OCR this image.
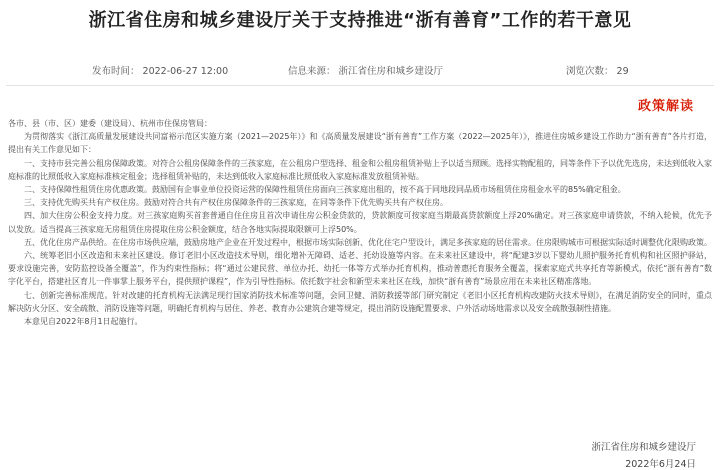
浙江省住房和城乡建设厅关于支持推进“浙有善育”工作的若干意见
发布时间： 2022-06-27 12:00	信息来源： 浙江省住房和城乡建设厅	浏览次数： 29
政策解读

各市、县（市、区）建委（建设局）、杭州市住保房管局：

为贯彻落实《浙江高质量发展建设共同富裕示范区实施方案（2021—2025年）》和《高质量发展建设“浙有善育”工作方案（2022—2025年）》，推进住房城乡建设工作助力“浙有善育”各片打造，提出有关工作意见如下：

一、支持市县完善公租房保障政策。对符合公租房保障条件的三孩家庭，在公租房户型选择、租金和公租房租赁补贴上予以适当照顾。选择实物配租的，同等条件下予以优先选房，未达到低收入家庭标准的比照低收入家庭标准核定租金；选择租赁补贴的，未达到低收入家庭标准比照低收入家庭标准发放租赁补贴。

二、支持保障性租赁住房优惠政策。鼓励国有企事业单位投资运营的保障性租赁住房面向三孩家庭出租的，按不高于同地段同品质市场租赁住房租金水平的85%确定租金。

三、支持优先购买共有产权住房。鼓励对符合共有产权住房保障条件的三孩家庭，在同等条件下优先购买共有产权住房。

四、加大住房公积金支持力度。对三孩家庭购买首套普通自住住房且首次申请住房公积金贷款的，贷款额度可按家庭当期最高贷款额度上浮20%确定。对三孩家庭申请贷款，不纳入轮候，优先予以发放。适当提高三孩家庭无房租赁住房提取住房公积金额度，结合各地实际提取限额可上浮50%。

五、优化住房产品供给。在住房市场供应端，鼓励房地产企业在开发过程中，根据市场实际创新、优化住宅户型设计，满足多孩家庭的居住需求。住房限购城市可根据实际适时调整优化限购政策。

六、统筹老旧小区改造和未来社区建设。修订老旧小区改造技术导则，细化增补无障碍、适老、托幼设施等内容。在未来社区建设中，将“配建3岁以下婴幼儿照护服务托育机构和社区照护驿站，要求设施完善，安防监控设备全覆盖”，作为约束性指标；将“通过公建民营、单位办托、幼托一体等方式举办托育机构，推动普惠托育服务全覆盖，探索家庭式共享托育等新模式，依托“浙有善育”数字化平台，搭建社区育儿一件事掌上服务平台，提供照护课程”，作为引导性指标。依托数字社会和新型未来社区在线，加快“浙有善育”场景应用在未来社区精准落地。

七、创新完善标准规范。针对改建的托育机构无法满足现行国家消防技术标准等问题，会同卫健、消防救援等部门研究制定《老旧小区托育机构改建防火技术导则》，在满足消防安全的同时，重点解决防火分区、安全疏散、消防设施等问题，明确托育机构与居住、养老、教育办公建筑合建等规定，提出消防设施配置要求、户外活动场地需求以及安全疏散强制性措施。

本意见自2022年8月1日起施行。

浙江省住房和城乡建设厅
2022年6月24日
